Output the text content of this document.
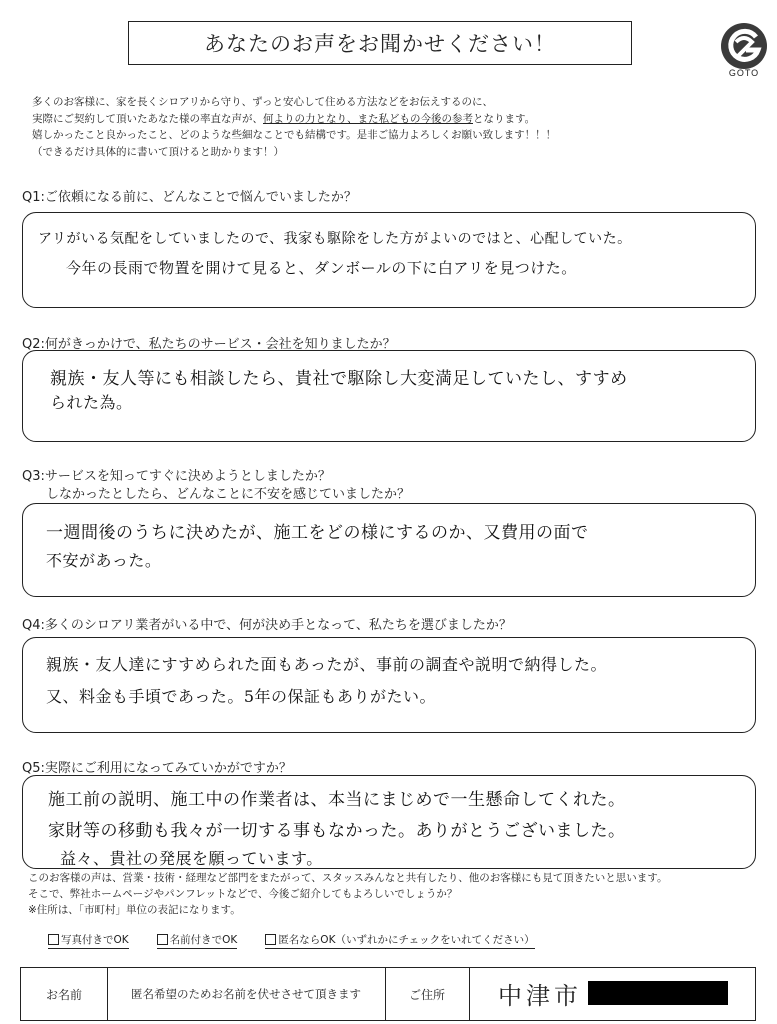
あなたのお声をお聞かせください！
GOTO
多くのお客様に、家を長くシロアリから守り、ずっと安心して住める方法などをお伝えするのに、
実際にご契約して頂いたあなた様の率直な声が、何よりの力となり、また私どもの今後の参考となります。
嬉しかったこと良かったこと、どのような些細なことでも結構です。是非ご協力よろしくお願い致します！！！
（できるだけ具体的に書いて頂けると助かります！）
Q1:ご依頼になる前に、どんなことで悩んでいましたか？
アリがいる気配をしていましたので、我家も駆除をした方がよいのではと、心配していた。
今年の長雨で物置を開けて見ると、ダンボールの下に白アリを見つけた。
Q2:何がきっかけで、私たちのサービス・会社を知りましたか？
親族・友人等にも相談したら、貴社で駆除し大変満足していたし、すすめ
られた為。
Q3:サービスを知ってすぐに決めようとしましたか？
しなかったとしたら、どんなことに不安を感じていましたか？
一週間後のうちに決めたが、施工をどの様にするのか、又費用の面で
不安があった。
Q4:多くのシロアリ業者がいる中で、何が決め手となって、私たちを選びましたか？
親族・友人達にすすめられた面もあったが、事前の調査や説明で納得した。
又、料金も手頃であった。5年の保証もありがたい。
Q5:実際にご利用になってみていかがですか？
施工前の説明、施工中の作業者は、本当にまじめで一生懸命してくれた。
家財等の移動も我々が一切する事もなかった。ありがとうございました。
益々、貴社の発展を願っています。
このお客様の声は、営業・技術・経理など部門をまたがって、スタッスみんなと共有したり、他のお客様にも見て頂きたいと思います。
そこで、弊社ホームページやパンフレットなどで、今後ご紹介してもよろしいでしょうか？
※住所は、「市町村」単位の表記になります。
写真付きでOK	名前付きでOK	匿名ならOK（いずれかにチェックをいれてください）
お名前	匿名希望のためお名前を伏せさせて頂きます	ご住所	中津市
